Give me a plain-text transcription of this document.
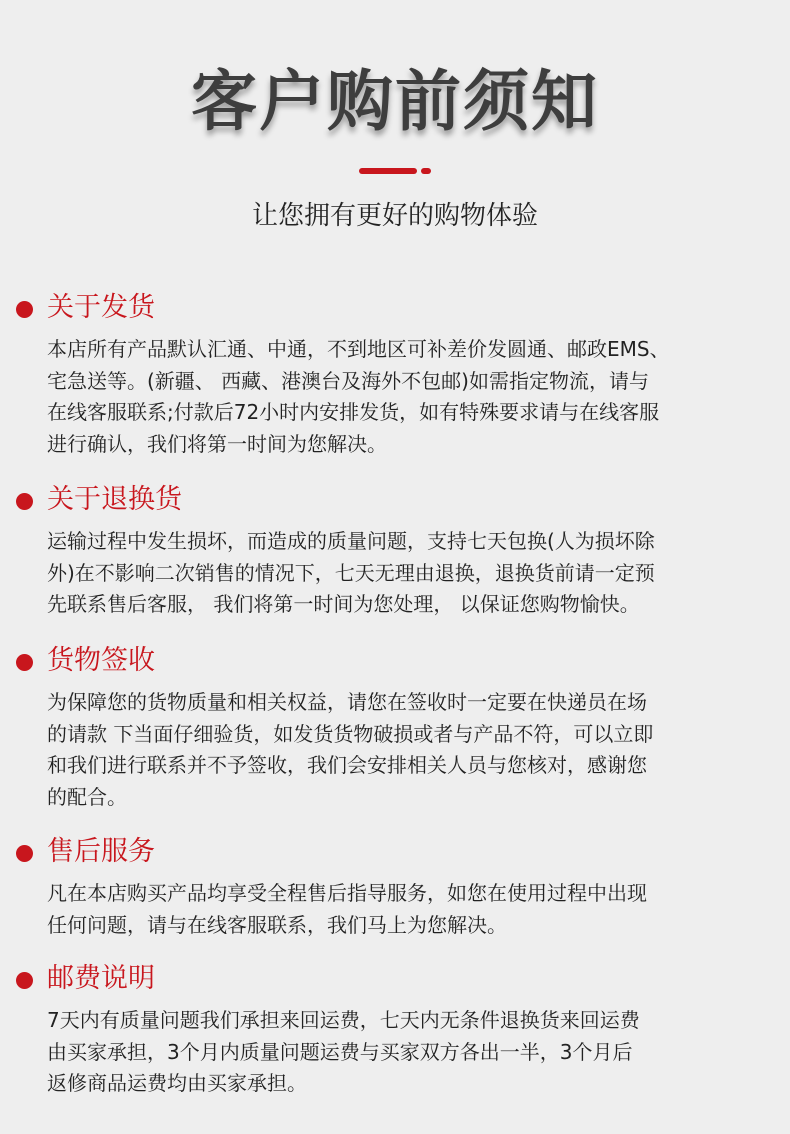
客户购前须知
让您拥有更好的购物体验
关于发货
本店所有产品默认汇通、中通，不到地区可补差价发圆通、邮政EMS、
宅急送等。(新疆、 西藏、港澳台及海外不包邮)如需指定物流，请与
在线客服联系;付款后72小时内安排发货，如有特殊要求请与在线客服
进行确认，我们将第一时间为您解决。
关于退换货
运输过程中发生损坏，而造成的质量问题，支持七天包换(人为损坏除
外)在不影响二次销售的情况下，七天无理由退换，退换货前请一定预
先联系售后客服， 我们将第一时间为您处理， 以保证您购物愉快。
货物签收
为保障您的货物质量和相关权益，请您在签收时一定要在快递员在场
的请款 下当面仔细验货，如发货货物破损或者与产品不符，可以立即
和我们进行联系并不予签收，我们会安排相关人员与您核对，感谢您
的配合。
售后服务
凡在本店购买产品均享受全程售后指导服务，如您在使用过程中出现
任何问题，请与在线客服联系，我们马上为您解决。
邮费说明
7天内有质量问题我们承担来回运费，七天内无条件退换货来回运费
由买家承担，3个月内质量问题运费与买家双方各出一半，3个月后
返修商品运费均由买家承担。
